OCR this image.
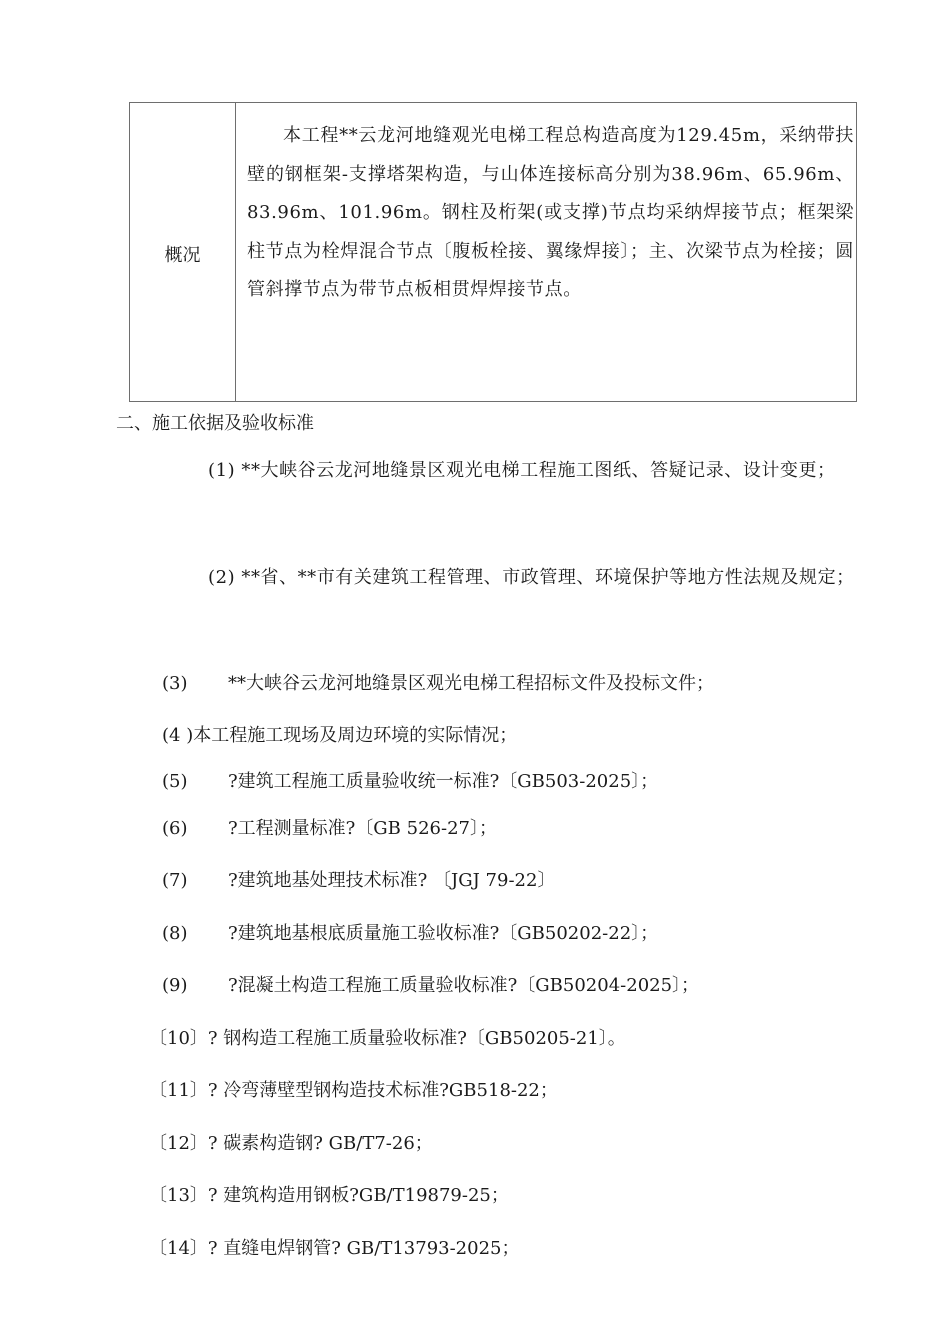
概况

本工程**云龙河地缝观光电梯工程总构造高度为129.45m，采纳带扶壁的钢框架-支撑塔架构造，与山体连接标高分别为38.96m、65.96m、83.96m、101.96m。钢柱及桁架(或支撑)节点均采纳焊接节点；框架梁柱节点为栓焊混合节点〔腹板栓接、翼缘焊接〕；主、次梁节点为栓接；圆管斜撑节点为带节点板相贯焊焊接节点。

二、施工依据及验收标准
(1) **大峡谷云龙河地缝景区观光电梯工程施工图纸、答疑记录、设计变更；
(2) **省、**市有关建筑工程管理、市政管理、环境保护等地方性法规及规定；
(3) **大峡谷云龙河地缝景区观光电梯工程招标文件及投标文件；
(4 )本工程施工现场及周边环境的实际情况；
(5) ?建筑工程施工质量验收统一标准?〔GB503-2025〕；
(6) ?工程测量标准?〔GB 526-27〕；
(7) ?建筑地基处理技术标准? 〔JGJ 79-22〕
(8) ?建筑地基根底质量施工验收标准?〔GB50202-22〕；
(9) ?混凝土构造工程施工质量验收标准?〔GB50204-2025〕；
〔10〕? 钢构造工程施工质量验收标准?〔GB50205-21〕。
〔11〕? 冷弯薄壁型钢构造技术标准?GB518-22；
〔12〕? 碳素构造钢? GB/T7-26；
〔13〕? 建筑构造用钢板?GB/T19879-25；
〔14〕? 直缝电焊钢管? GB/T13793-2025；
